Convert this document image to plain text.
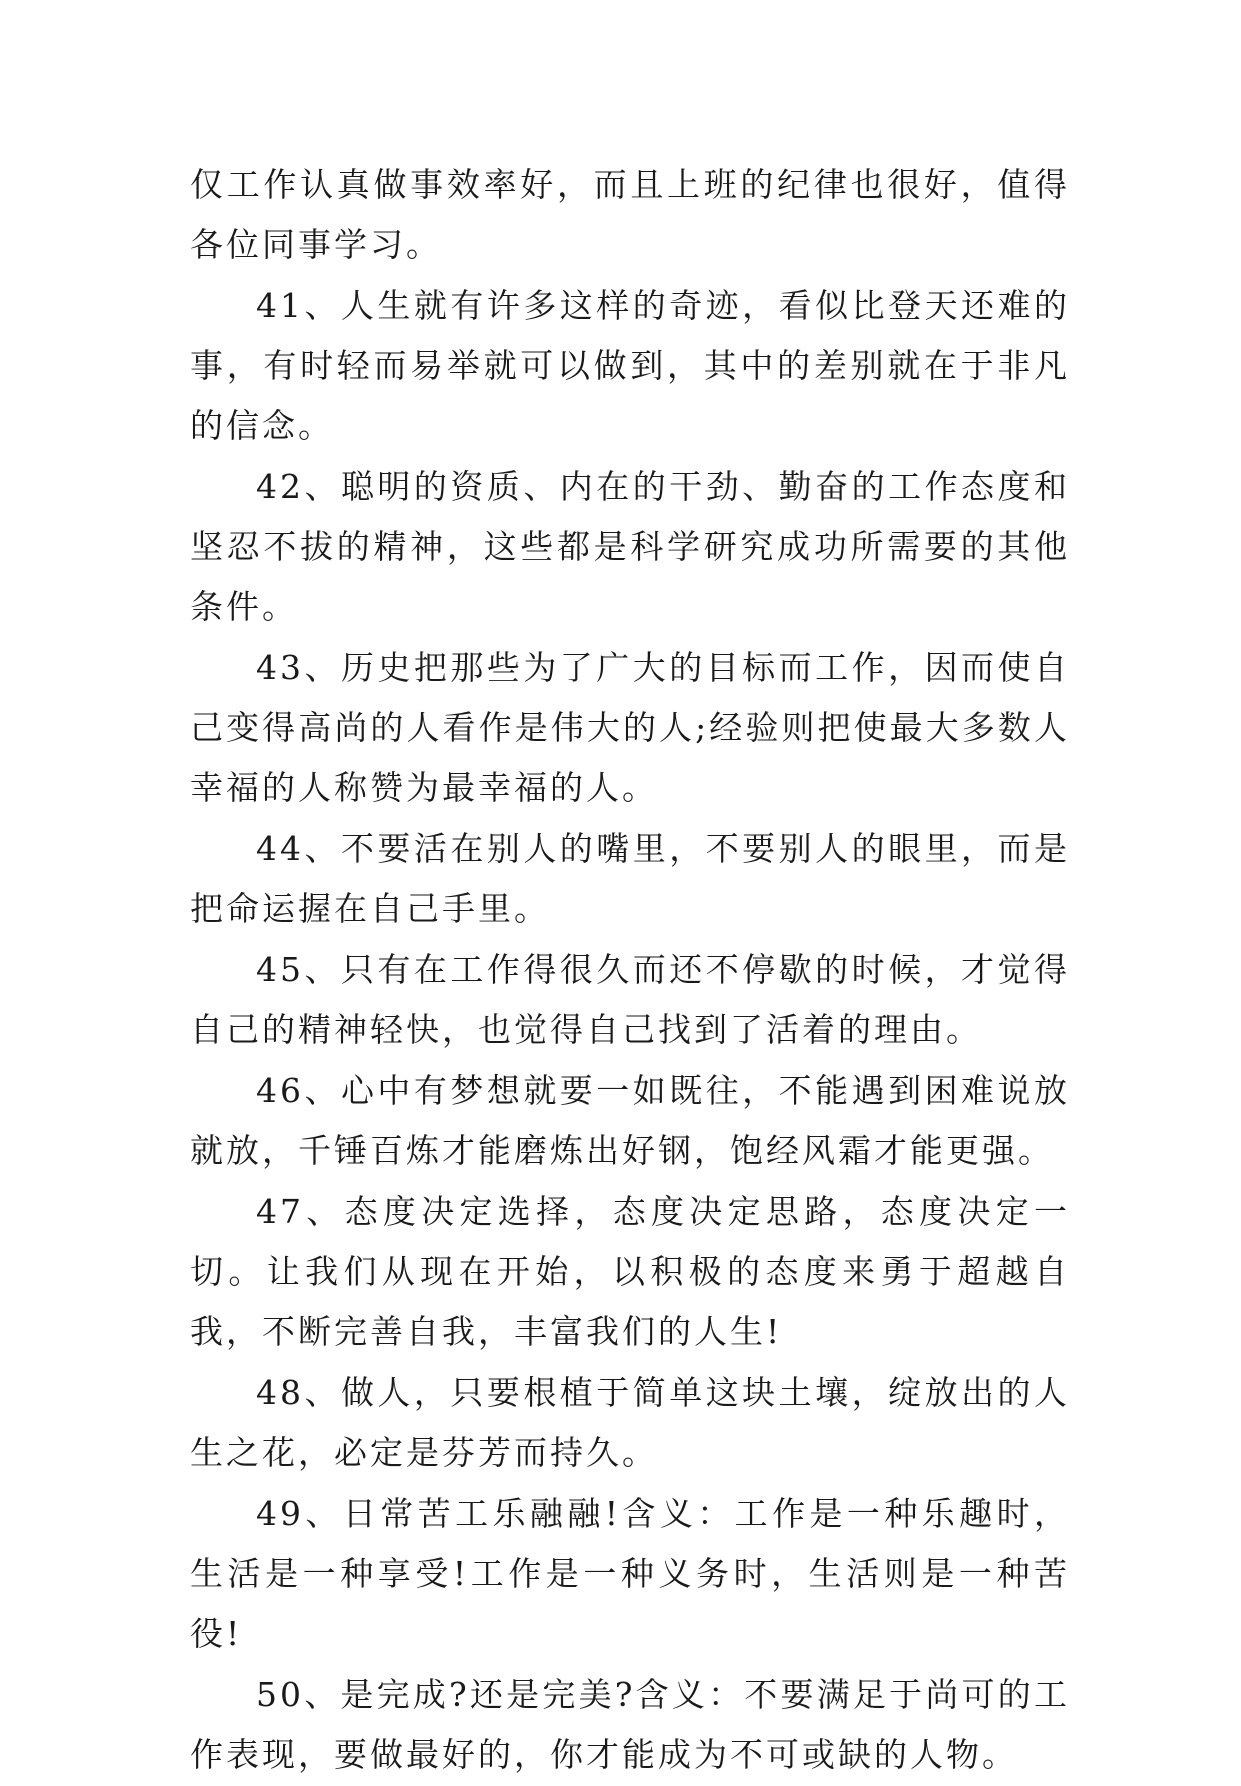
仅工作认真做事效率好，而且上班的纪律也很好，值得各位同事学习。

41、人生就有许多这样的奇迹，看似比登天还难的事，有时轻而易举就可以做到，其中的差别就在于非凡的信念。

42、聪明的资质、内在的干劲、勤奋的工作态度和坚忍不拔的精神，这些都是科学研究成功所需要的其他条件。

43、历史把那些为了广大的目标而工作，因而使自己变得高尚的人看作是伟大的人;经验则把使最大多数人幸福的人称赞为最幸福的人。

44、不要活在别人的嘴里，不要别人的眼里，而是把命运握在自己手里。

45、只有在工作得很久而还不停歇的时候，才觉得自己的精神轻快，也觉得自己找到了活着的理由。

46、心中有梦想就要一如既往，不能遇到困难说放就放，千锤百炼才能磨炼出好钢，饱经风霜才能更强。

47、态度决定选择，态度决定思路，态度决定一切。让我们从现在开始，以积极的态度来勇于超越自我，不断完善自我，丰富我们的人生!

48、做人，只要根植于简单这块土壤，绽放出的人生之花，必定是芬芳而持久。

49、日常苦工乐融融!含义：工作是一种乐趣时，生活是一种享受!工作是一种义务时，生活则是一种苦役!

50、是完成?还是完美?含义：不要满足于尚可的工作表现，要做最好的，你才能成为不可或缺的人物。
